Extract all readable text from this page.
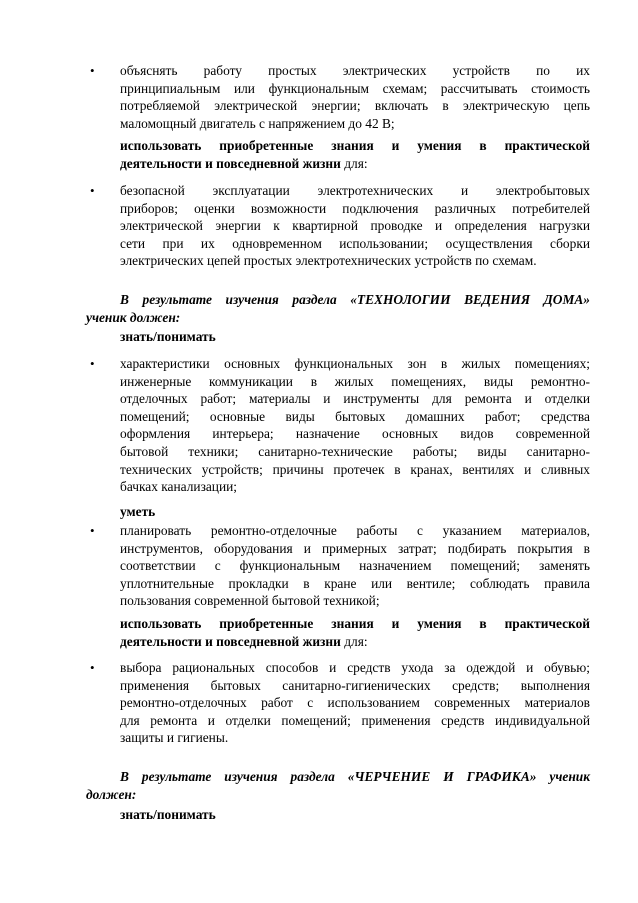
• объяснять работу простых электрических устройств по их
принципиальным или функциональным схемам; рассчитывать стоимость
потребляемой электрической энергии; включать в электрическую цепь
маломощный двигатель с напряжением до 42 В;
использовать приобретенные знания и умения в практической
деятельности и повседневной жизни для:
• безопасной эксплуатации электротехнических и электробытовых
приборов; оценки возможности подключения различных потребителей
электрической энергии к квартирной проводке и определения нагрузки
сети при их одновременном использовании; осуществления сборки
электрических цепей простых электротехнических устройств по схемам.
В результате изучения раздела «ТЕХНОЛОГИИ ВЕДЕНИЯ ДОМА»
ученик должен:
знать/понимать
• характеристики основных функциональных зон в жилых помещениях;
инженерные коммуникации в жилых помещениях, виды ремонтно-
отделочных работ; материалы и инструменты для ремонта и отделки
помещений; основные виды бытовых домашних работ; средства
оформления интерьера; назначение основных видов современной
бытовой техники; санитарно-технические работы; виды санитарно-
технических устройств; причины протечек в кранах, вентилях и сливных
бачках канализации;
уметь
• планировать ремонтно-отделочные работы с указанием материалов,
инструментов, оборудования и примерных затрат; подбирать покрытия в
соответствии с функциональным назначением помещений; заменять
уплотнительные прокладки в кране или вентиле; соблюдать правила
пользования современной бытовой техникой;
использовать приобретенные знания и умения в практической
деятельности и повседневной жизни для:
• выбора рациональных способов и средств ухода за одеждой и обувью;
применения бытовых санитарно-гигиенических средств; выполнения
ремонтно-отделочных работ с использованием современных материалов
для ремонта и отделки помещений; применения средств индивидуальной
защиты и гигиены.
В результате изучения раздела «ЧЕРЧЕНИЕ И ГРАФИКА» ученик
должен:
знать/понимать
